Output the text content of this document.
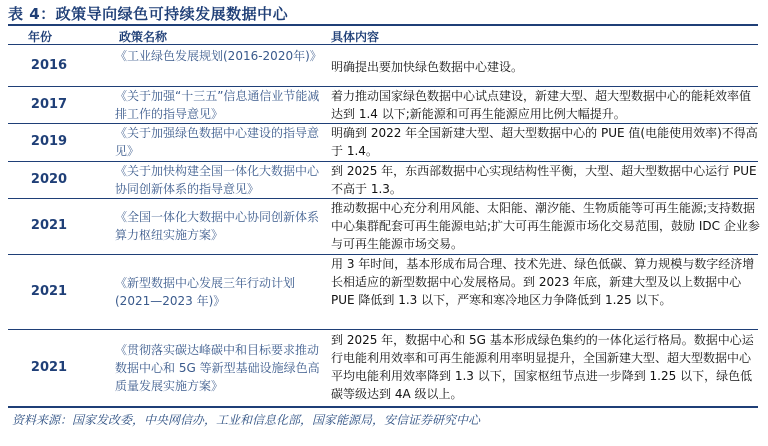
表 4：政策导向绿色可持续发展数据中心
年份	政策名称	具体内容
2016
《工业绿色发展规划(2016-2020年)》
明确提出要加快绿色数据中心建设。
2017
《关于加强“十三五”信息通信业节能减排工作的指导意见》
着力推动国家绿色数据中心试点建设，新建大型、超大型数据中心的能耗效率值达到 1.4 以下;新能源和可再生能源应用比例大幅提升。
2019
《关于加强绿色数据中心建设的指导意见》
明确到 2022 年全国新建大型、超大型数据中心的 PUE 值(电能使用效率)不得高于 1.4。
2020
《关于加快构建全国一体化大数据中心协同创新体系的指导意见》
到 2025 年，东西部数据中心实现结构性平衡，大型、超大型数据中心运行 PUE 不高于 1.3。
2021
《全国一体化大数据中心协同创新体系算力枢纽实施方案》
推动数据中心充分利用风能、太阳能、潮汐能、生物质能等可再生能源;支持数据中心集群配套可再生能源电站;扩大可再生能源市场化交易范围，鼓励 IDC 企业参与可再生能源市场交易。
2021
《新型数据中心发展三年行动计划(2021—2023 年)》
用 3 年时间，基本形成布局合理、技术先进、绿色低碳、算力规模与数字经济增长相适应的新型数据中心发展格局。到 2023 年底，新建大型及以上数据中心 PUE 降低到 1.3 以下，严寒和寒冷地区力争降低到 1.25 以下。
2021
《贯彻落实碳达峰碳中和目标要求推动数据中心和 5G 等新型基础设施绿色高质量发展实施方案》
到 2025 年，数据中心和 5G 基本形成绿色集约的一体化运行格局。数据中心运行电能利用效率和可再生能源利用率明显提升，全国新建大型、超大型数据中心平均电能利用效率降到 1.3 以下，国家枢纽节点进一步降到 1.25 以下，绿色低碳等级达到 4A 级以上。
资料来源：国家发改委，中央网信办，工业和信息化部，国家能源局，安信证券研究中心
